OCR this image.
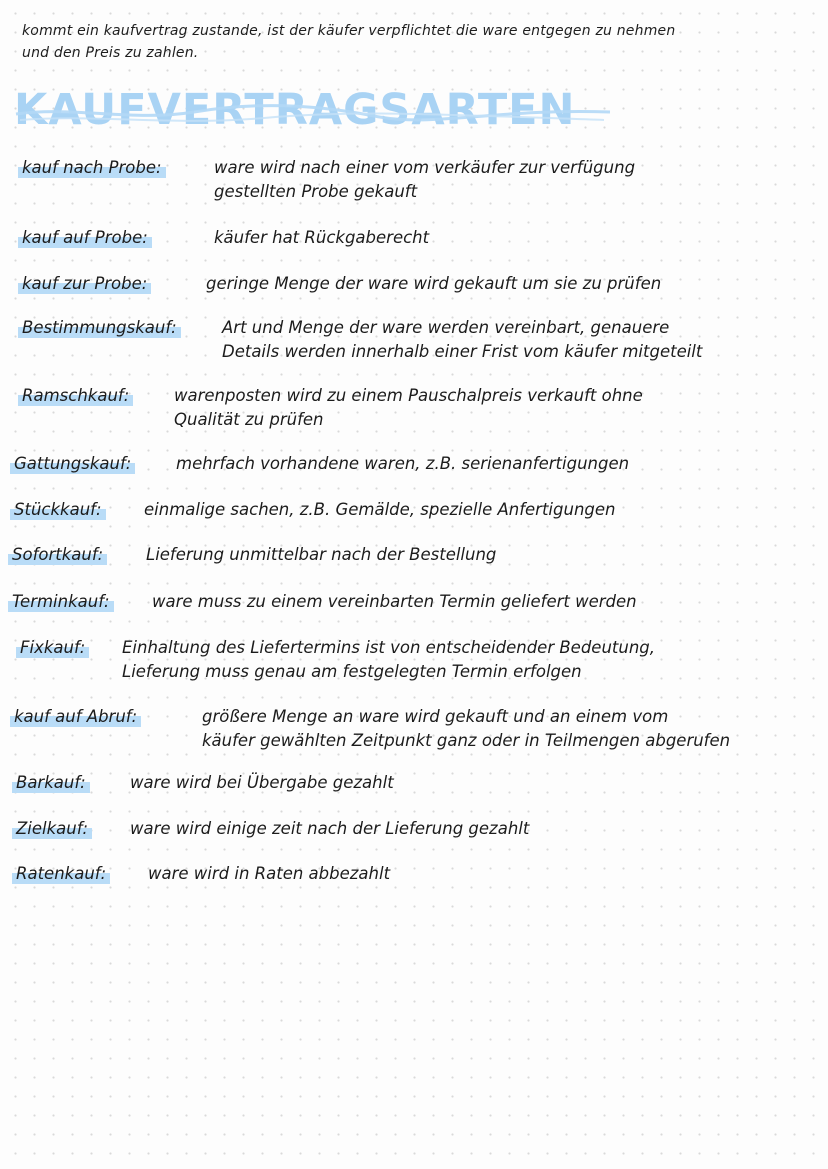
kommt ein kaufvertrag zustande, ist der käufer verpflichtet die ware entgegen zu nehmen
und den Preis zu zahlen.
KAUFVERTRAGSARTEN
kauf nach Probe:	ware wird nach einer vom verkäufer zur verfügung
gestellten Probe gekauft
kauf auf Probe:	käufer hat Rückgaberecht
kauf zur Probe:	geringe Menge der ware wird gekauft um sie zu prüfen
Bestimmungskauf:	Art und Menge der ware werden vereinbart, genauere
Details werden innerhalb einer Frist vom käufer mitgeteilt
Ramschkauf:	warenposten wird zu einem Pauschalpreis verkauft ohne
Qualität zu prüfen
Gattungskauf:	mehrfach vorhandene waren, z.B. serienanfertigungen
Stückkauf:	einmalige sachen, z.B. Gemälde, spezielle Anfertigungen
Sofortkauf:	Lieferung unmittelbar nach der Bestellung
Terminkauf:	ware muss zu einem vereinbarten Termin geliefert werden
Fixkauf: Einhaltung des Liefertermins ist von entscheidender Bedeutung,
Lieferung muss genau am festgelegten Termin erfolgen
kauf auf Abruf:	größere Menge an ware wird gekauft und an einem vom
käufer gewählten Zeitpunkt ganz oder in Teilmengen abgerufen
Barkauf:	ware wird bei Übergabe gezahlt
Zielkauf:	ware wird einige zeit nach der Lieferung gezahlt
Ratenkauf:	ware wird in Raten abbezahlt
